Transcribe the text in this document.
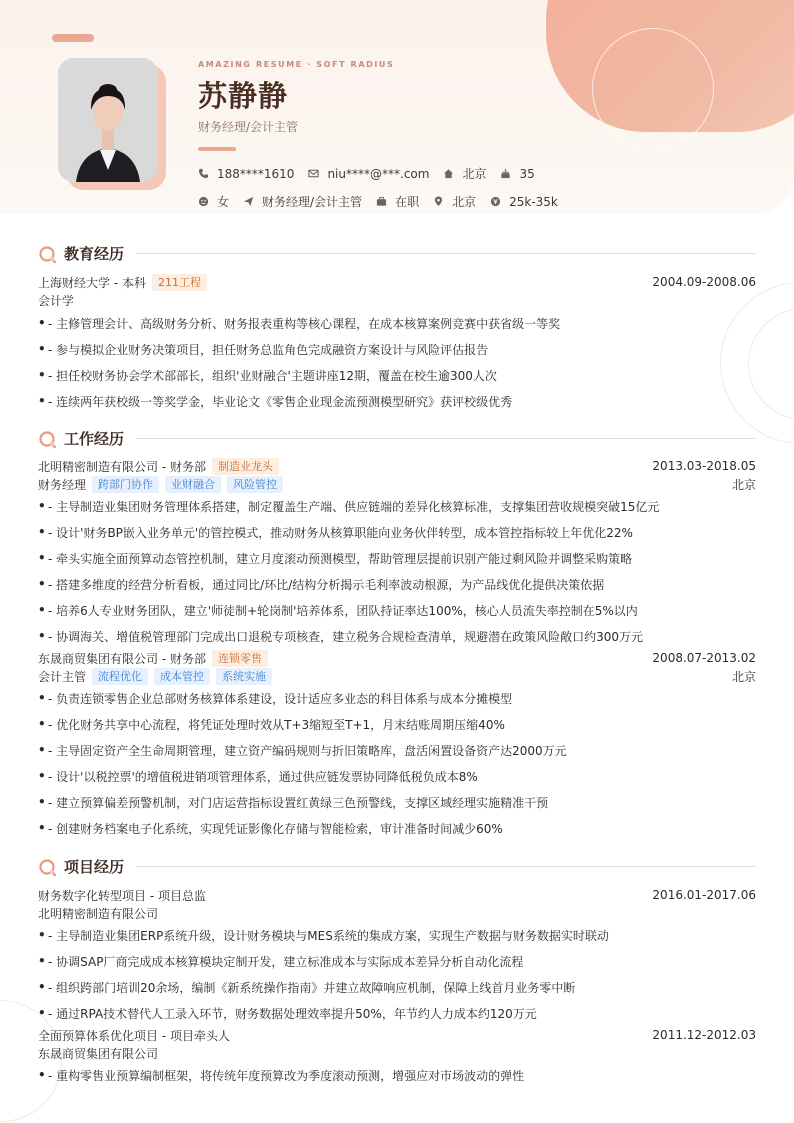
AMAZING RESUME · SOFT RADIUS
苏静静
财务经理/会计主管
188****1610	niu****@***.com	北京	35
女	财务经理/会计主管	在职	北京	25k-35k
教育经历
上海财经大学 - 本科	211工程	2004.09-2008.06
会计学
• - 主修管理会计、高级财务分析、财务报表重构等核心课程，在成本核算案例竞赛中获省级一等奖
• - 参与模拟企业财务决策项目，担任财务总监角色完成融资方案设计与风险评估报告
• - 担任校财务协会学术部部长，组织'业财融合'主题讲座12期，覆盖在校生逾300人次
• - 连续两年获校级一等奖学金，毕业论文《零售企业现金流预测模型研究》获评校级优秀
工作经历
北明精密制造有限公司 - 财务部	制造业龙头	2013.03-2018.05
财务经理	跨部门协作	业财融合	风险管控	北京
• - 主导制造业集团财务管理体系搭建，制定覆盖生产端、供应链端的差异化核算标准，支撑集团营收规模突破15亿元
• - 设计'财务BP嵌入业务单元'的管控模式，推动财务从核算职能向业务伙伴转型，成本管控指标较上年优化22%
• - 牵头实施全面预算动态管控机制，建立月度滚动预测模型，帮助管理层提前识别产能过剩风险并调整采购策略
• - 搭建多维度的经营分析看板，通过同比/环比/结构分析揭示毛利率波动根源，为产品线优化提供决策依据
• - 培养6人专业财务团队，建立'师徒制+轮岗制'培养体系，团队持证率达100%，核心人员流失率控制在5%以内
• - 协调海关、增值税管理部门完成出口退税专项核查，建立税务合规检查清单，规避潜在政策风险敞口约300万元
东晟商贸集团有限公司 - 财务部	连锁零售	2008.07-2013.02
会计主管	流程优化	成本管控	系统实施	北京
• - 负责连锁零售企业总部财务核算体系建设，设计适应多业态的科目体系与成本分摊模型
• - 优化财务共享中心流程，将凭证处理时效从T+3缩短至T+1，月末结账周期压缩40%
• - 主导固定资产全生命周期管理，建立资产编码规则与折旧策略库，盘活闲置设备资产达2000万元
• - 设计'以税控票'的增值税进销项管理体系，通过供应链发票协同降低税负成本8%
• - 建立预算偏差预警机制，对门店运营指标设置红黄绿三色预警线，支撑区域经理实施精准干预
• - 创建财务档案电子化系统，实现凭证影像化存储与智能检索，审计准备时间减少60%
项目经历
财务数字化转型项目 - 项目总监	2016.01-2017.06
北明精密制造有限公司
• - 主导制造业集团ERP系统升级，设计财务模块与MES系统的集成方案，实现生产数据与财务数据实时联动
• - 协调SAP厂商完成成本核算模块定制开发，建立标准成本与实际成本差异分析自动化流程
• - 组织跨部门培训20余场，编制《新系统操作指南》并建立故障响应机制，保障上线首月业务零中断
• - 通过RPA技术替代人工录入环节，财务数据处理效率提升50%，年节约人力成本约120万元
全面预算体系优化项目 - 项目牵头人	2011.12-2012.03
东晟商贸集团有限公司
• - 重构零售业预算编制框架，将传统年度预算改为季度滚动预测，增强应对市场波动的弹性
